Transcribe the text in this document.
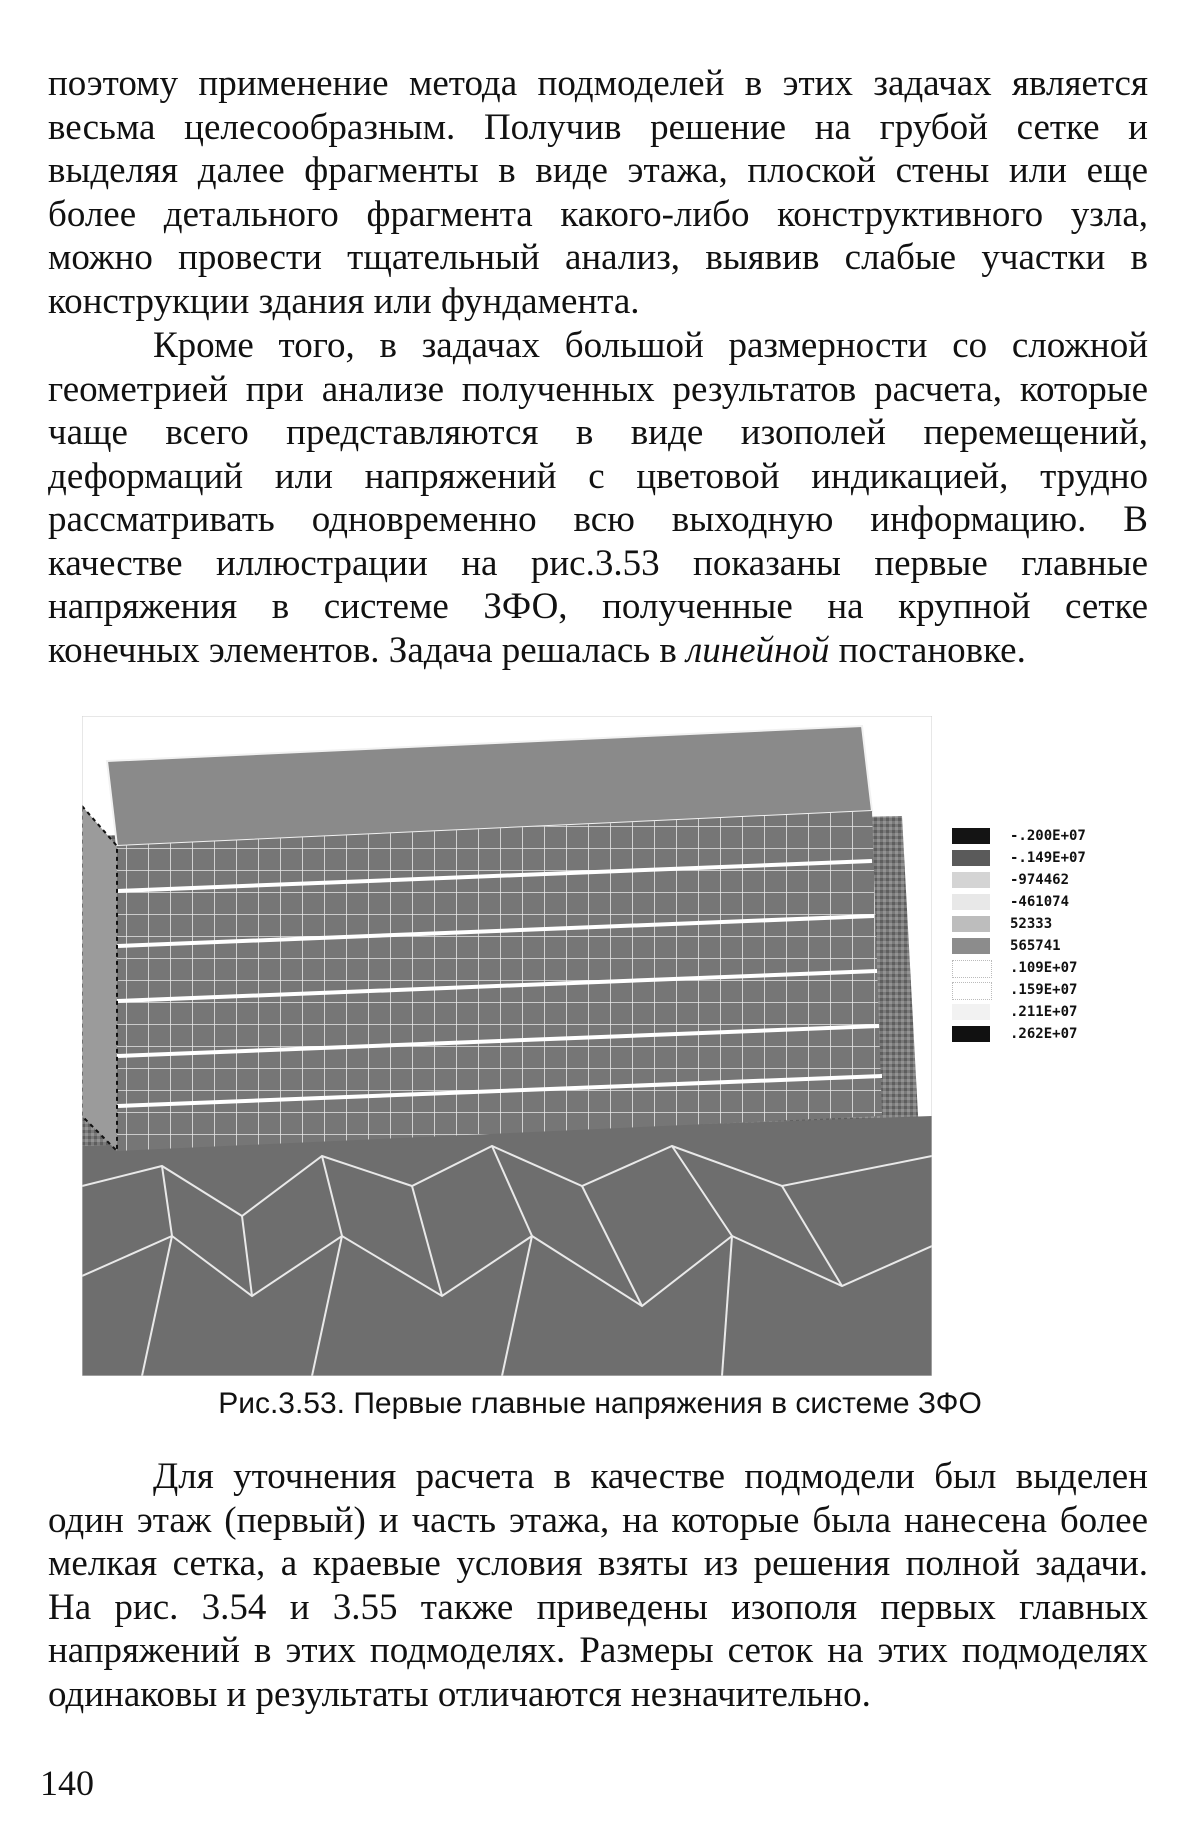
поэтому применение метода подмоделей в этих задачах является
весьма целесообразным. Получив решение на грубой сетке и
выделяя далее фрагменты в виде этажа, плоской стены или еще
более детального фрагмента какого-либо конструктивного узла,
можно провести тщательный анализ, выявив слабые участки в
конструкции здания или фундамента.
Кроме того, в задачах большой размерности со сложной
геометрией при анализе полученных результатов расчета, которые
чаще всего представляются в виде изополей перемещений,
деформаций или напряжений с цветовой индикацией, трудно
рассматривать одновременно всю выходную информацию. В
качестве иллюстрации на рис.3.53 показаны первые главные
напряжения в системе ЗФО, полученные на крупной сетке
конечных элементов. Задача решалась в линейной постановке.
-.200E+07
-.149E+07
-974462
-461074
52333
565741
.109E+07
.159E+07
.211E+07
.262E+07
Рис.3.53. Первые главные напряжения в системе ЗФО
Для уточнения расчета в качестве подмодели был выделен
один этаж (первый) и часть этажа, на которые была нанесена более
мелкая сетка, а краевые условия взяты из решения полной задачи.
На рис. 3.54 и 3.55 также приведены изополя первых главных
напряжений в этих подмоделях. Размеры сеток на этих подмоделях
одинаковы и результаты отличаются незначительно.
140
